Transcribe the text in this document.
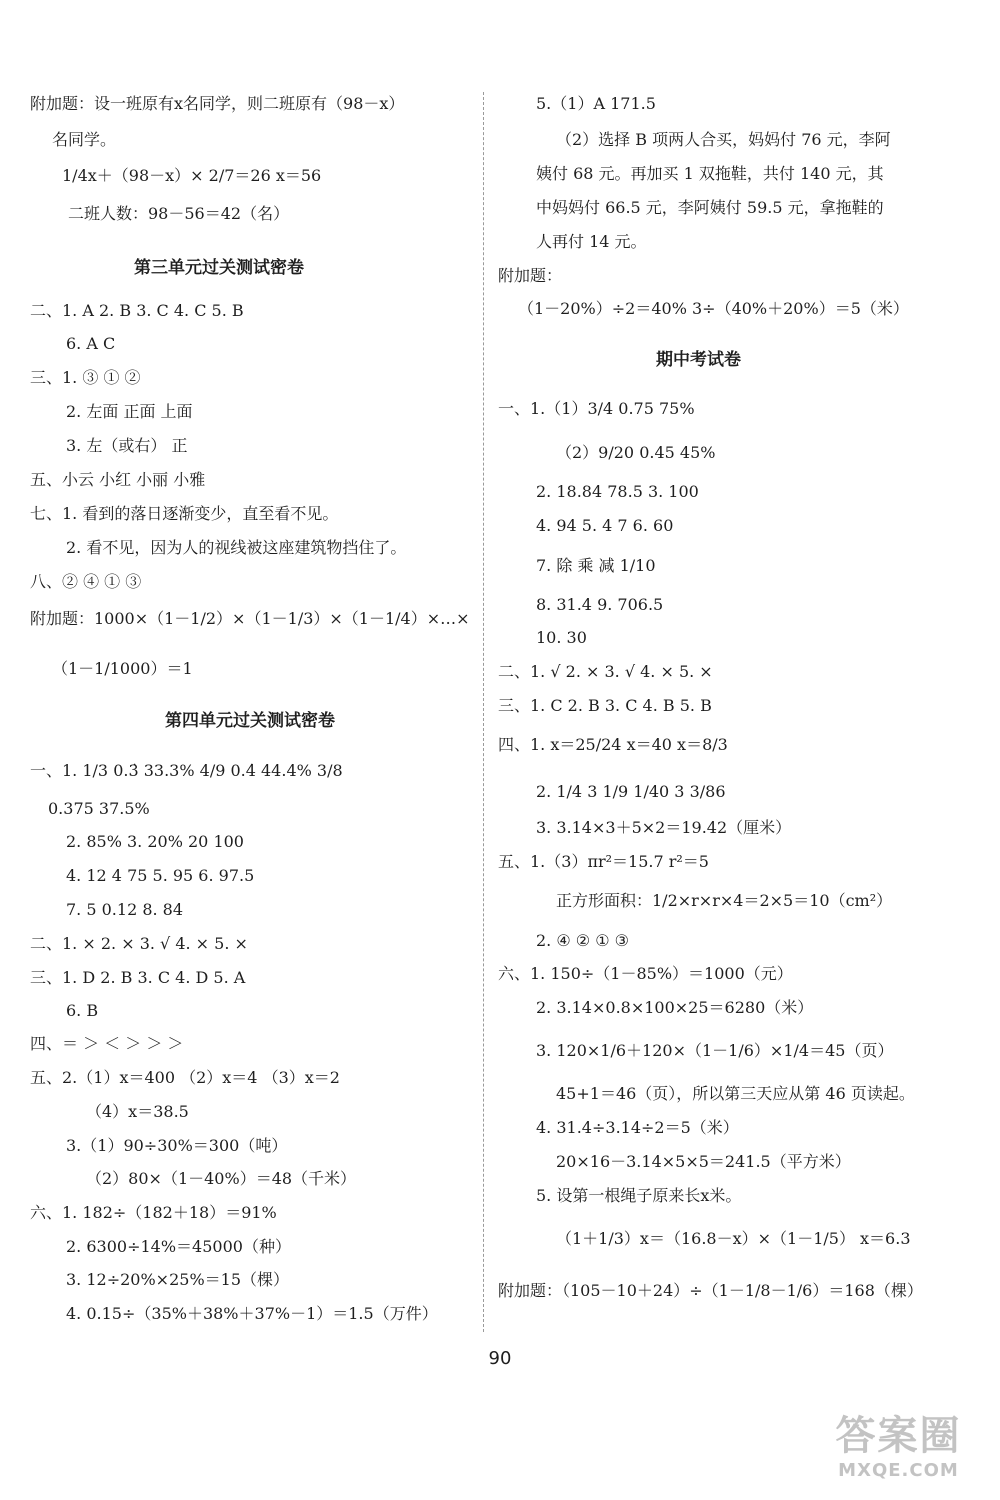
附加题：设一班原有x名同学，则二班原有（98－x）
名同学。
1/4x＋（98－x）× 2/7＝26 x＝56
二班人数：98－56＝42（名）
第三单元过关测试密卷
二、1. A 2. B 3. C 4. C 5. B
6. A C
三、1. ③ ① ②
2. 左面 正面 上面
3. 左（或右） 正
五、小云 小红 小丽 小雅
七、1. 看到的落日逐渐变少，直至看不见。
2. 看不见，因为人的视线被这座建筑物挡住了。
八、② ④ ① ③
附加题：1000×（1－1/2）×（1－1/3）×（1－1/4）×…×
（1－1/1000）＝1
第四单元过关测试密卷
一、1. 1/3 0.3̇ 33.3% 4/9 0.4̇ 44.4% 3/8
0.375 37.5%
2. 85% 3. 20% 20 100
4. 12 4 75 5. 95 6. 97.5
7. 5 0.12 8. 84
二、1. × 2. × 3. √ 4. × 5. ×
三、1. D 2. B 3. C 4. D 5. A
6. B
四、＝ ＞ ＜ ＞ ＞ ＞
五、2.（1）x＝400 （2）x＝4 （3）x＝2
（4）x＝38.5
3.（1）90÷30%＝300（吨）
（2）80×（1－40%）＝48（千米）
六、1. 182÷（182＋18）＝91%
2. 6300÷14%＝45000（种）
3. 12÷20%×25%＝15（棵）
4. 0.15÷（35%＋38%＋37%－1）＝1.5（万件）
5.（1）A 171.5
（2）选择 B 项两人合买，妈妈付 76 元，李阿
姨付 68 元。再加买 1 双拖鞋，共付 140 元，其
中妈妈付 66.5 元，李阿姨付 59.5 元，拿拖鞋的
人再付 14 元。
附加题：
（1－20%）÷2＝40% 3÷（40%＋20%）＝5（米）
期中考试卷
一、1.（1）3/4 0.75 75%
（2）9/20 0.45 45%
2. 18.84 78.5 3. 100
4. 94 5. 4 7 6. 60
7. 除 乘 减 1/10
8. 31.4 9. 706.5
10. 30
二、1. √ 2. × 3. √ 4. × 5. ×
三、1. C 2. B 3. C 4. B 5. B
四、1. x＝25/24 x＝40 x＝8/3
2. 1/4 3 1/9 1/40 3 3/86
3. 3.14×3＋5×2＝19.42（厘米）
五、1.（3）πr²＝15.7 r²＝5
正方形面积：1/2×r×r×4＝2×5＝10（cm²）
2. ④ ② ① ③
六、1. 150÷（1－85%）＝1000（元）
2. 3.14×0.8×100×25＝6280（米）
3. 120×1/6＋120×（1－1/6）×1/4＝45（页）
45+1＝46（页），所以第三天应从第 46 页读起。
4. 31.4÷3.14÷2＝5（米）
20×16－3.14×5×5＝241.5（平方米）
5. 设第一根绳子原来长x米。
（1＋1/3）x＝（16.8－x）×（1－1/5） x＝6.3
附加题：（105－10＋24）÷（1－1/8－1/6）＝168（棵）
90
答案圈
MXQE.COM
